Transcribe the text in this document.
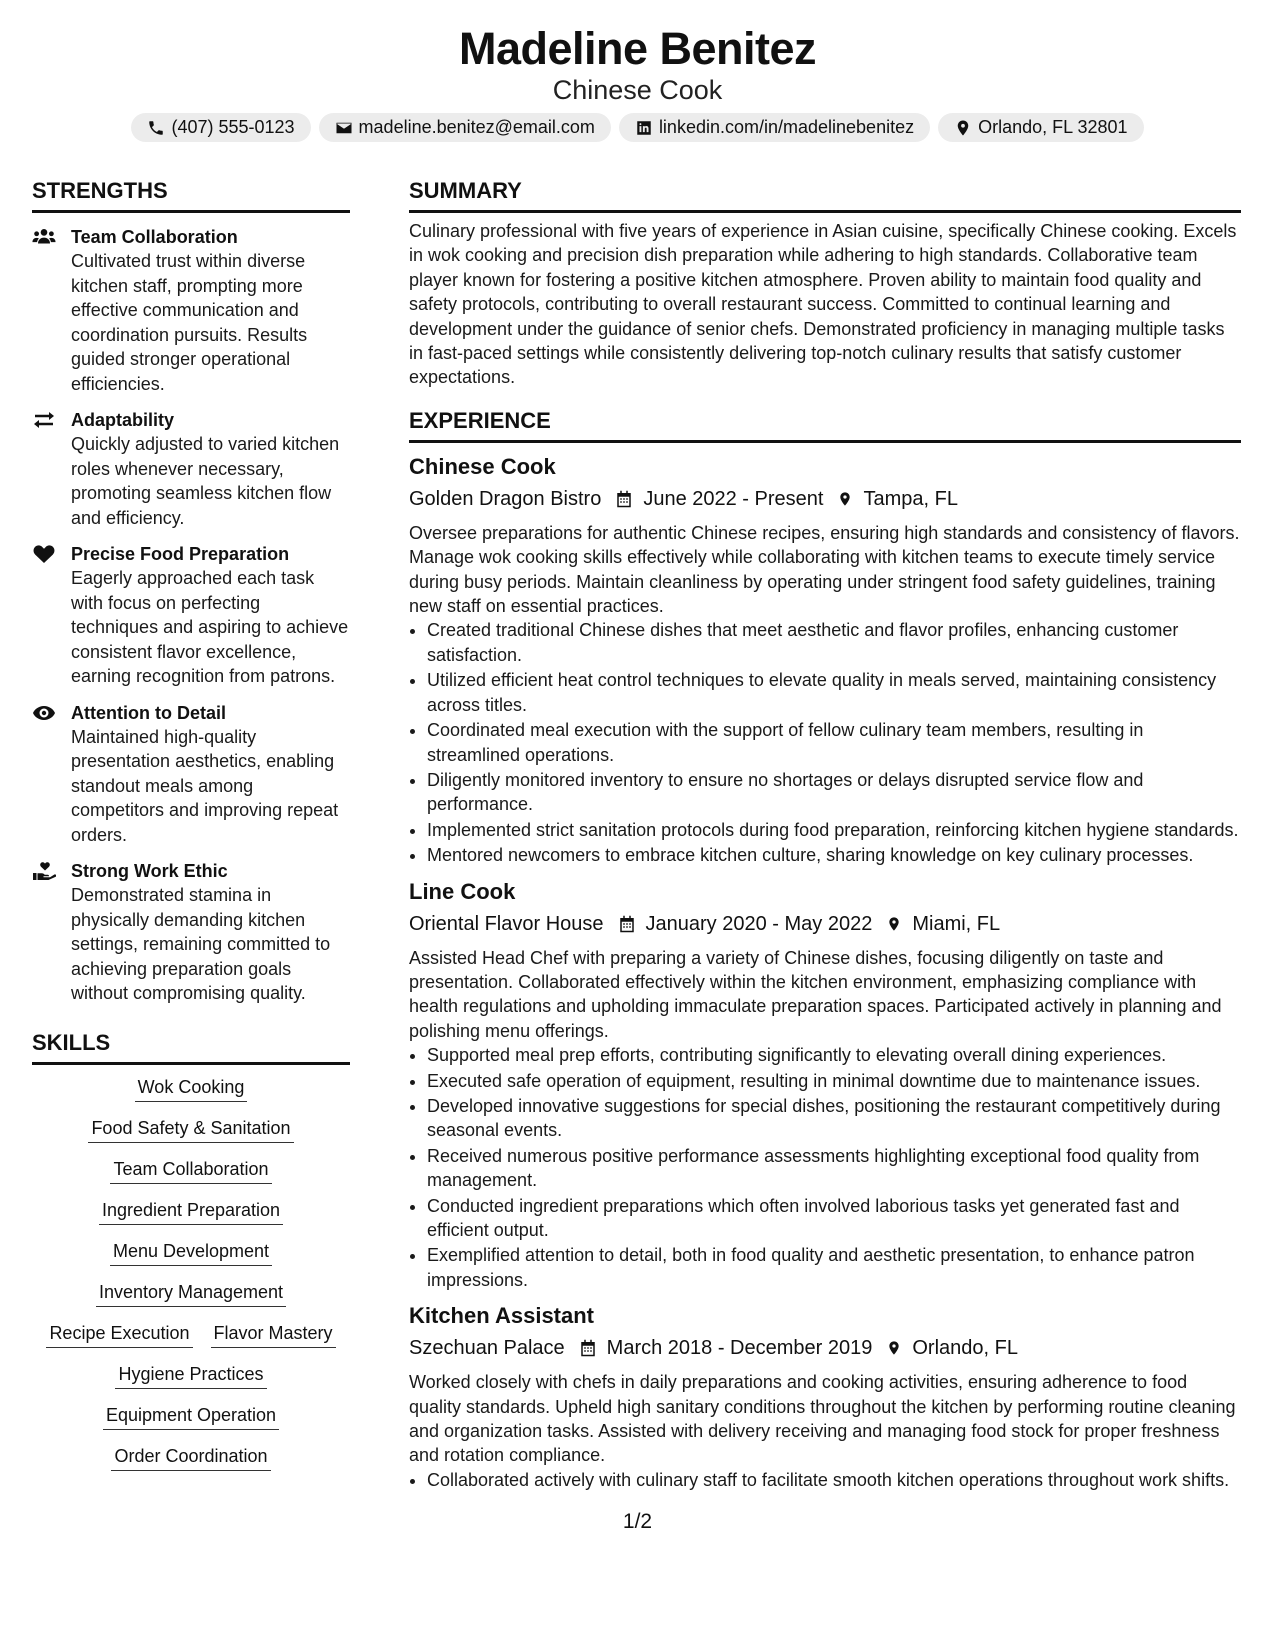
Madeline Benitez
Chinese Cook
(407) 555-0123	madeline.benitez@email.com	linkedin.com/in/madelinebenitez	Orlando, FL 32801
STRENGTHS
Team Collaboration
Cultivated trust within diverse kitchen staff, prompting more effective communication and coordination pursuits. Results guided stronger operational efficiencies.
Adaptability
Quickly adjusted to varied kitchen roles whenever necessary, promoting seamless kitchen flow and efficiency.
Precise Food Preparation
Eagerly approached each task with focus on perfecting techniques and aspiring to achieve consistent flavor excellence, earning recognition from patrons.
Attention to Detail
Maintained high-quality presentation aesthetics, enabling standout meals among competitors and improving repeat orders.
Strong Work Ethic
Demonstrated stamina in physically demanding kitchen settings, remaining committed to achieving preparation goals without compromising quality.
SKILLS
Wok Cooking
Food Safety & Sanitation
Team Collaboration
Ingredient Preparation
Menu Development
Inventory Management
Recipe Execution Flavor Mastery
Hygiene Practices
Equipment Operation
Order Coordination
SUMMARY

Culinary professional with five years of experience in Asian cuisine, specifically Chinese cooking. Excels in wok cooking and precision dish preparation while adhering to high standards. Collaborative team player known for fostering a positive kitchen atmosphere. Proven ability to maintain food quality and safety protocols, contributing to overall restaurant success. Committed to continual learning and development under the guidance of senior chefs. Demonstrated proficiency in managing multiple tasks in fast-paced settings while consistently delivering top-notch culinary results that satisfy customer expectations.

EXPERIENCE
Chinese Cook
Golden Dragon Bistro June 2022 - Present Tampa, FL

Oversee preparations for authentic Chinese recipes, ensuring high standards and consistency of flavors. Manage wok cooking skills effectively while collaborating with kitchen teams to execute timely service during busy periods. Maintain cleanliness by operating under stringent food safety guidelines, training new staff on essential practices.

• Created traditional Chinese dishes that meet aesthetic and flavor profiles, enhancing customer satisfaction.
• Utilized efficient heat control techniques to elevate quality in meals served, maintaining consistency across titles.
• Coordinated meal execution with the support of fellow culinary team members, resulting in streamlined operations.
• Diligently monitored inventory to ensure no shortages or delays disrupted service flow and performance.
• Implemented strict sanitation protocols during food preparation, reinforcing kitchen hygiene standards.
• Mentored newcomers to embrace kitchen culture, sharing knowledge on key culinary processes.
Line Cook
Oriental Flavor House January 2020 - May 2022 Miami, FL

Assisted Head Chef with preparing a variety of Chinese dishes, focusing diligently on taste and presentation. Collaborated effectively within the kitchen environment, emphasizing compliance with health regulations and upholding immaculate preparation spaces. Participated actively in planning and polishing menu offerings.

• Supported meal prep efforts, contributing significantly to elevating overall dining experiences.
• Executed safe operation of equipment, resulting in minimal downtime due to maintenance issues.
• Developed innovative suggestions for special dishes, positioning the restaurant competitively during seasonal events.
• Received numerous positive performance assessments highlighting exceptional food quality from management.
• Conducted ingredient preparations which often involved laborious tasks yet generated fast and efficient output.
• Exemplified attention to detail, both in food quality and aesthetic presentation, to enhance patron impressions.
Kitchen Assistant
Szechuan Palace March 2018 - December 2019 Orlando, FL

Worked closely with chefs in daily preparations and cooking activities, ensuring adherence to food quality standards. Upheld high sanitary conditions throughout the kitchen by performing routine cleaning and organization tasks. Assisted with delivery receiving and managing food stock for proper freshness and rotation compliance.

• Collaborated actively with culinary staff to facilitate smooth kitchen operations throughout work shifts.
1/2
